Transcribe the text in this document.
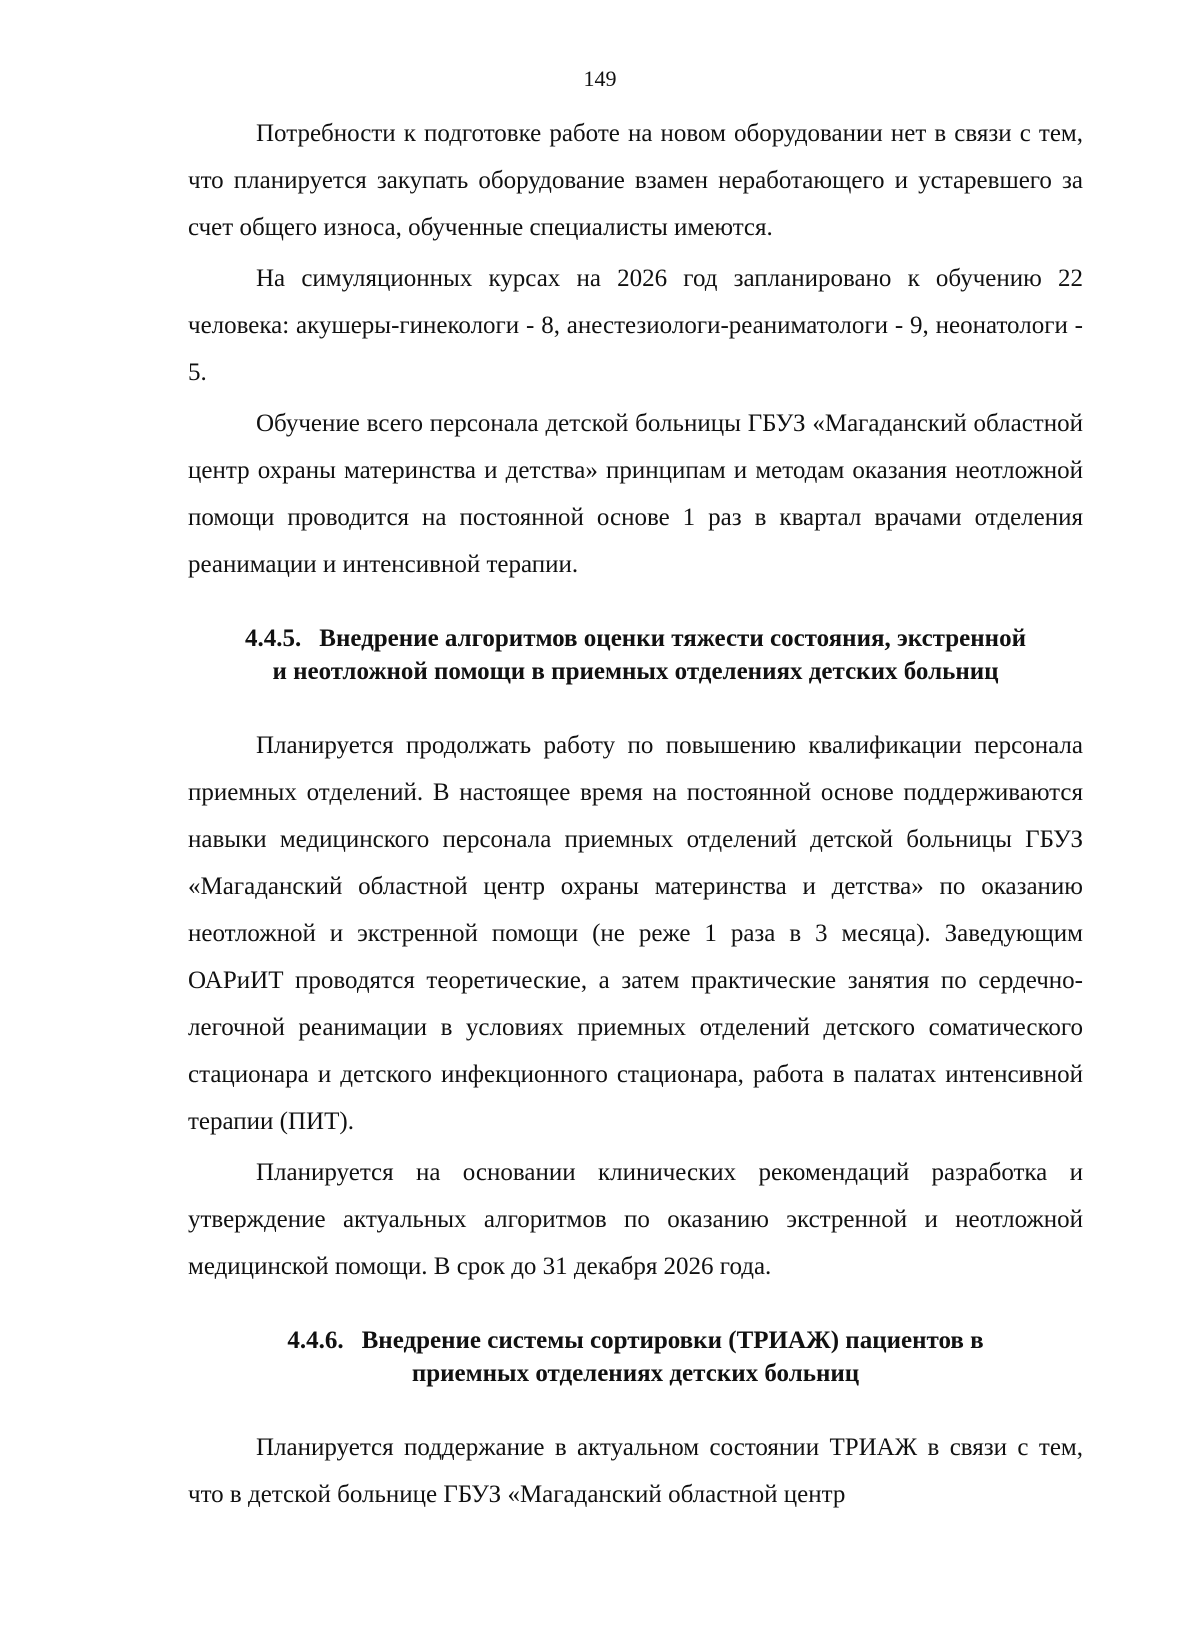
149

Потребности к подготовке работе на новом оборудовании нет в связи с тем, что планируется закупать оборудование взамен неработающего и устаревшего за счет общего износа, обученные специалисты имеются.

На симуляционных курсах на 2026 год запланировано к обучению 22 человека: акушеры-гинекологи - 8, анестезиологи-реаниматологи - 9, неонатологи - 5.

Обучение всего персонала детской больницы ГБУЗ «Магаданский областной центр охраны материнства и детства» принципам и методам оказания неотложной помощи проводится на постоянной основе 1 раз в квартал врачами отделения реанимации и интенсивной терапии.

4.4.5. Внедрение алгоритмов оценки тяжести состояния, экстренной
и неотложной помощи в приемных отделениях детских больниц

Планируется продолжать работу по повышению квалификации персонала приемных отделений. В настоящее время на постоянной основе поддерживаются навыки медицинского персонала приемных отделений детской больницы ГБУЗ «Магаданский областной центр охраны материнства и детства» по оказанию неотложной и экстренной помощи (не реже 1 раза в 3 месяца). Заведующим ОАРиИТ проводятся теоретические, а затем практические занятия по сердечно-легочной реанимации в условиях приемных отделений детского соматического стационара и детского инфекционного стационара, работа в палатах интенсивной терапии (ПИТ).

Планируется на основании клинических рекомендаций разработка и утверждение актуальных алгоритмов по оказанию экстренной и неотложной медицинской помощи. В срок до 31 декабря 2026 года.

4.4.6. Внедрение системы сортировки (ТРИАЖ) пациентов в
приемных отделениях детских больниц

Планируется поддержание в актуальном состоянии ТРИАЖ в связи с тем, что в детской больнице ГБУЗ «Магаданский областной центр
